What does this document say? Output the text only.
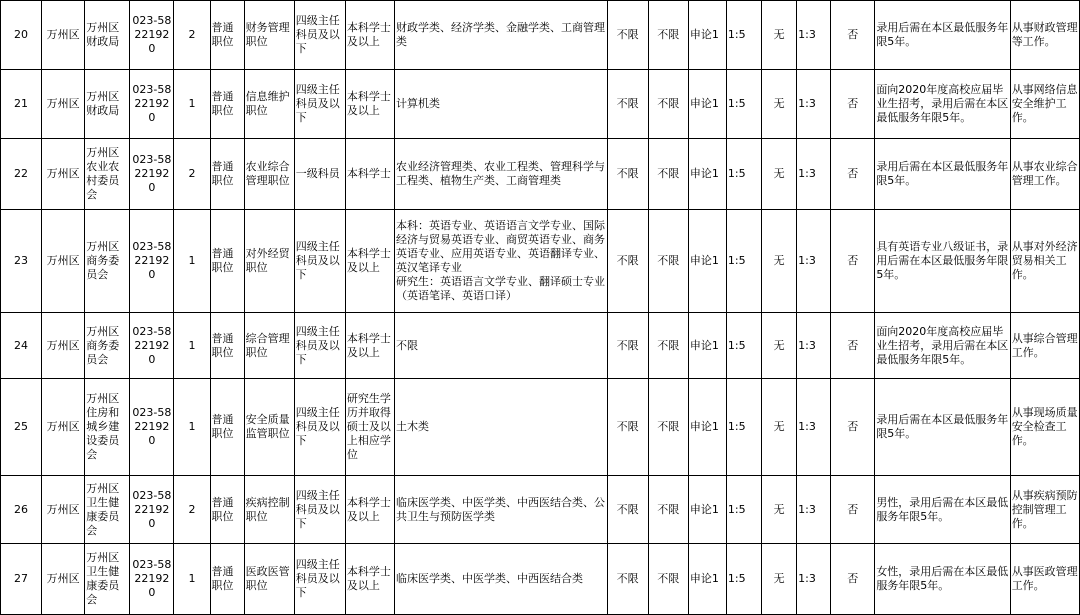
20	万州区	万州区财政局	023-58221920	2	普通职位	财务管理职位	四级主任科员及以下	本科学士及以上	财政学类、经济学类、金融学类、工商管理类	不限	不限	申论1	1:5	无	1:3	否	录用后需在本区最低服务年限5年。	从事财政管理等工作。
21	万州区	万州区财政局	023-58221920	1	普通职位	信息维护职位	四级主任科员及以下	本科学士及以上	计算机类	不限	不限	申论1	1:5	无	1:3	否	面向2020年度高校应届毕业生招考，录用后需在本区最低服务年限5年。	从事网络信息安全维护工作。
22	万州区	万州区农业农村委员会	023-58221920	2	普通职位	农业综合管理职位	一级科员	本科学士	农业经济管理类、农业工程类、管理科学与工程类、植物生产类、工商管理类	不限	不限	申论1	1:5	无	1:3	否	录用后需在本区最低服务年限5年。	从事农业综合管理工作。
23	万州区	万州区商务委员会	023-58221920	1	普通职位	对外经贸职位	四级主任科员及以下	本科学士及以上	本科：英语专业、英语语言文学专业、国际经济与贸易英语专业、商贸英语专业、商务英语专业、应用英语专业、英语翻译专业、英汉笔译专业
研究生：英语语言文学专业、翻译硕士专业（英语笔译、英语口译）	不限	不限	申论1	1:5	无	1:3	否	具有英语专业八级证书，录用后需在本区最低服务年限5年。	从事对外经济贸易相关工作。
24	万州区	万州区商务委员会	023-58221920	1	普通职位	综合管理职位	四级主任科员及以下	本科学士及以上	不限	不限	不限	申论1	1:5	无	1:3	否	面向2020年度高校应届毕业生招考，录用后需在本区最低服务年限5年。	从事综合管理工作。
25	万州区	万州区住房和城乡建设委员会	023-58221920	1	普通职位	安全质量监管职位	四级主任科员及以下	研究生学历并取得硕士及以上相应学位	土木类	不限	不限	申论1	1:5	无	1:3	否	录用后需在本区最低服务年限5年。	从事现场质量安全检查工作。
26	万州区	万州区卫生健康委员会	023-58221920	2	普通职位	疾病控制职位	四级主任科员及以下	本科学士及以上	临床医学类、中医学类、中西医结合类、公共卫生与预防医学类	不限	不限	申论1	1:5	无	1:3	否	男性，录用后需在本区最低服务年限5年。	从事疾病预防控制管理工作。
27	万州区	万州区卫生健康委员会	023-58221920	1	普通职位	医政医管职位	四级主任科员及以下	本科学士及以上	临床医学类、中医学类、中西医结合类	不限	不限	申论1	1:5	无	1:3	否	女性，录用后需在本区最低服务年限5年。	从事医政管理工作。
